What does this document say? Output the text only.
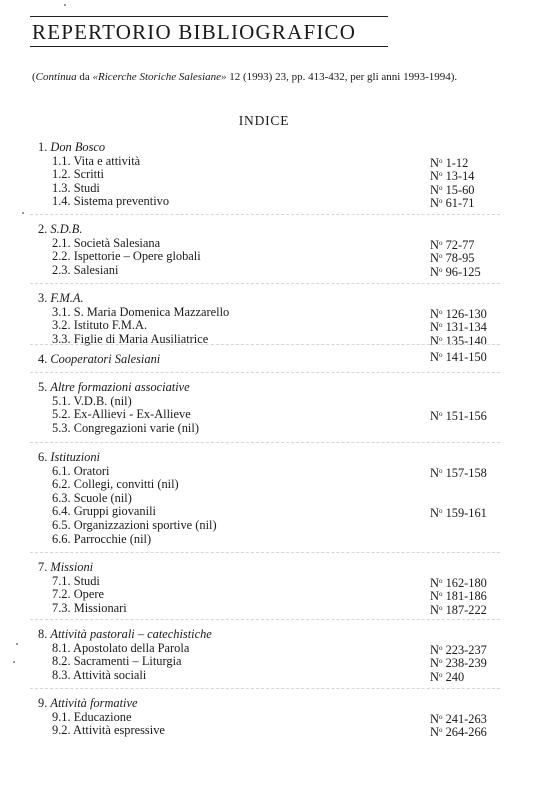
REPERTORIO BIBLIOGRAFICO
(Continua da «Ricerche Storiche Salesiane» 12 (1993) 23, pp. 413-432, per gli anni 1993-1994).
INDICE
1. Don Bosco
1.1. Vita e attività	$N^o$ 1-12
1.2. Scritti	$N^o$ 13-14
1.3. Studi	$N^o$ 15-60
1.4. Sistema preventivo	$N^o$ 61-71
2. S.D.B.
2.1. Società Salesiana	$N^o$ 72-77
2.2. Ispettorie – Opere globali	$N^o$ 78-95
2.3. Salesiani	$N^o$ 96-125
3. F.M.A.
3.1. S. Maria Domenica Mazzarello	$N^o$ 126-130
3.2. Istituto F.M.A.	$N^o$ 131-134
3.3. Figlie di Maria Ausiliatrice	$N^o$ 135-140
4. Cooperatori Salesiani	$N^o$ 141-150
5. Altre formazioni associative
5.1. V.D.B. (nil)
5.2. Ex-Allievi - Ex-Allieve	$N^o$ 151-156
5.3. Congregazioni varie (nil)
6. Istituzioni
6.1. Oratori	$N^o$ 157-158
6.2. Collegi, convitti (nil)
6.3. Scuole (nil)
6.4. Gruppi giovanili	$N^o$ 159-161
6.5. Organizzazioni sportive (nil)
6.6. Parrocchie (nil)
7. Missioni
7.1. Studi	$N^o$ 162-180
7.2. Opere	$N^o$ 181-186
7.3. Missionari	$N^o$ 187-222
8. Attività pastorali – catechistiche
8.1. Apostolato della Parola	$N^o$ 223-237
8.2. Sacramenti – Liturgia	$N^o$ 238-239
8.3. Attività sociali	$N^o$ 240
9. Attività formative
9.1. Educazione	$N^o$ 241-263
9.2. Attività espressive	$N^o$ 264-266
